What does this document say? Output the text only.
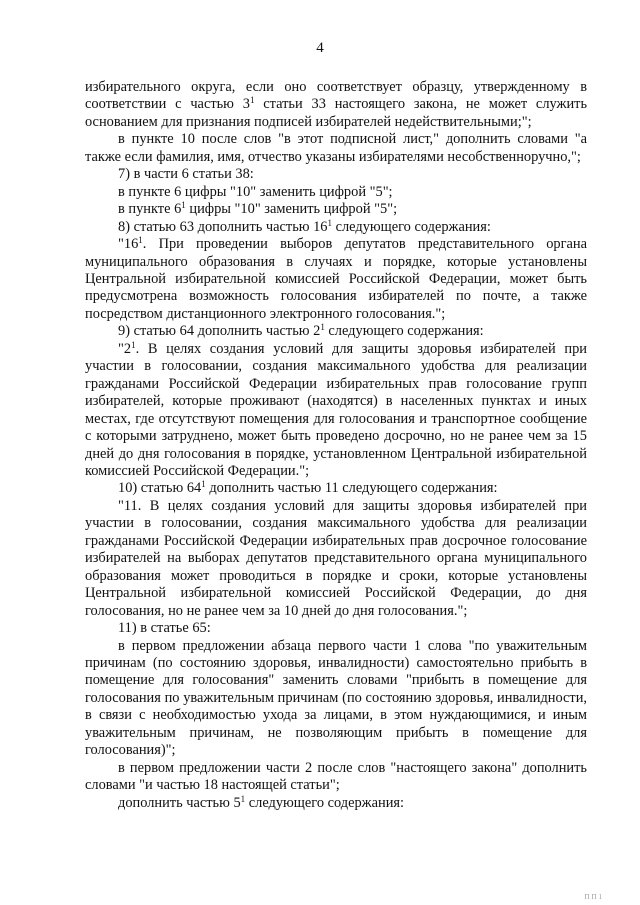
4

избирательного округа, если оно соответствует образцу, утвержденному в соответствии с частью $3^1$ статьи 33 настоящего закона, не может служить основанием для признания подписей избирателей недействительными;";

в пункте 10 после слов "в этот подписной лист," дополнить словами "а также если фамилия, имя, отчество указаны избирателями несобственноручно,";

7) в части 6 статьи 38:

в пункте 6 цифры "10" заменить цифрой "5";

в пункте $6^1$ цифры "10" заменить цифрой "5";

8) статью 63 дополнить частью $16^1$ следующего содержания:

"$16^1$. При проведении выборов депутатов представительного органа муниципального образования в случаях и порядке, которые установлены Центральной избирательной комиссией Российской Федерации, может быть предусмотрена возможность голосования избирателей по почте, а также посредством дистанционного электронного голосования.";

9) статью 64 дополнить частью $2^1$ следующего содержания:

"$2^1$. В целях создания условий для защиты здоровья избирателей при участии в голосовании, создания максимального удобства для реализации гражданами Российской Федерации избирательных прав голосование групп избирателей, которые проживают (находятся) в населенных пунктах и иных местах, где отсутствуют помещения для голосования и транспортное сообщение с которыми затруднено, может быть проведено досрочно, но не ранее чем за 15 дней до дня голосования в порядке, установленном Центральной избирательной комиссией Российской Федерации.";

10) статью $64^1$ дополнить частью 11 следующего содержания:

"11. В целях создания условий для защиты здоровья избирателей при участии в голосовании, создания максимального удобства для реализации гражданами Российской Федерации избирательных прав досрочное голосование избирателей на выборах депутатов представительного органа муниципального образования может проводиться в порядке и сроки, которые установлены Центральной избирательной комиссией Российской Федерации, до дня голосования, но не ранее чем за 10 дней до дня голосования.";

11) в статье 65:

в первом предложении абзаца первого части 1 слова "по уважительным причинам (по состоянию здоровья, инвалидности) самостоятельно прибыть в помещение для голосования" заменить словами "прибыть в помещение для голосования по уважительным причинам (по состоянию здоровья, инвалидности, в связи с необходимостью ухода за лицами, в этом нуждающимися, и иным уважительным причинам, не позволяющим прибыть в помещение для голосования)";

в первом предложении части 2 после слов "настоящего закона" дополнить словами "и частью 18 настоящей статьи";

дополнить частью $5^1$ следующего содержания:

ПП1
